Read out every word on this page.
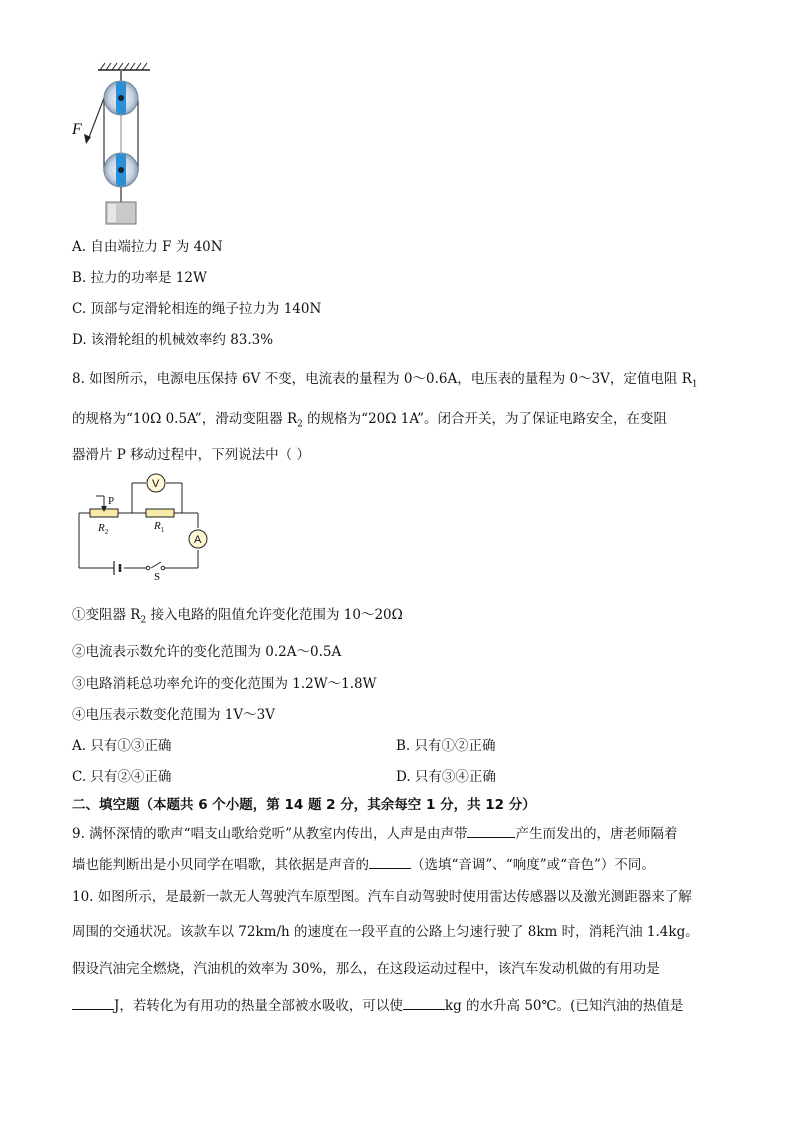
F
A. 自由端拉力 F 为 40N
B. 拉力的功率是 12W
C. 顶部与定滑轮相连的绳子拉力为 140N
D. 该滑轮组的机械效率约 83.3%
8. 如图所示，电源电压保持 6V 不变，电流表的量程为 0～0.6A，电压表的量程为 0～3V，定值电阻 $R_1$
的规格为“10Ω 0.5A”，滑动变阻器 $R_2$ 的规格为“20Ω 1A”。闭合开关，为了保证电路安全，在变阻
器滑片 P 移动过程中，下列说法中（ ）
V
A
P
$R_2$	$R_1$
S
①变阻器 $R_2$ 接入电路的阻值允许变化范围为 10～20Ω
②电流表示数允许的变化范围为 0.2A～0.5A
③电路消耗总功率允许的变化范围为 1.2W～1.8W
④电压表示数变化范围为 1V～3V
A. 只有①③正确	B. 只有①②正确
C. 只有②④正确	D. 只有③④正确
二、填空题（本题共 6 个小题，第 14 题 2 分，其余每空 1 分，共 12 分）
9. 满怀深情的歌声“唱支山歌给党听”从教室内传出，人声是由声带	产生而发出的，唐老师隔着
墙也能判断出是小贝同学在唱歌，其依据是声音的	（选填“音调”、“响度”或“音色”）不同。
10. 如图所示，是最新一款无人驾驶汽车原型图。汽车自动驾驶时使用雷达传感器以及激光测距器来了解
周围的交通状况。该款车以 72km/h 的速度在一段平直的公路上匀速行驶了 8km 时，消耗汽油 1.4kg。
假设汽油完全燃烧，汽油机的效率为 30%，那么，在这段运动过程中，该汽车发动机做的有用功是
J，若转化为有用功的热量全部被水吸收，可以使	kg 的水升高 50℃。(已知汽油的热值是
